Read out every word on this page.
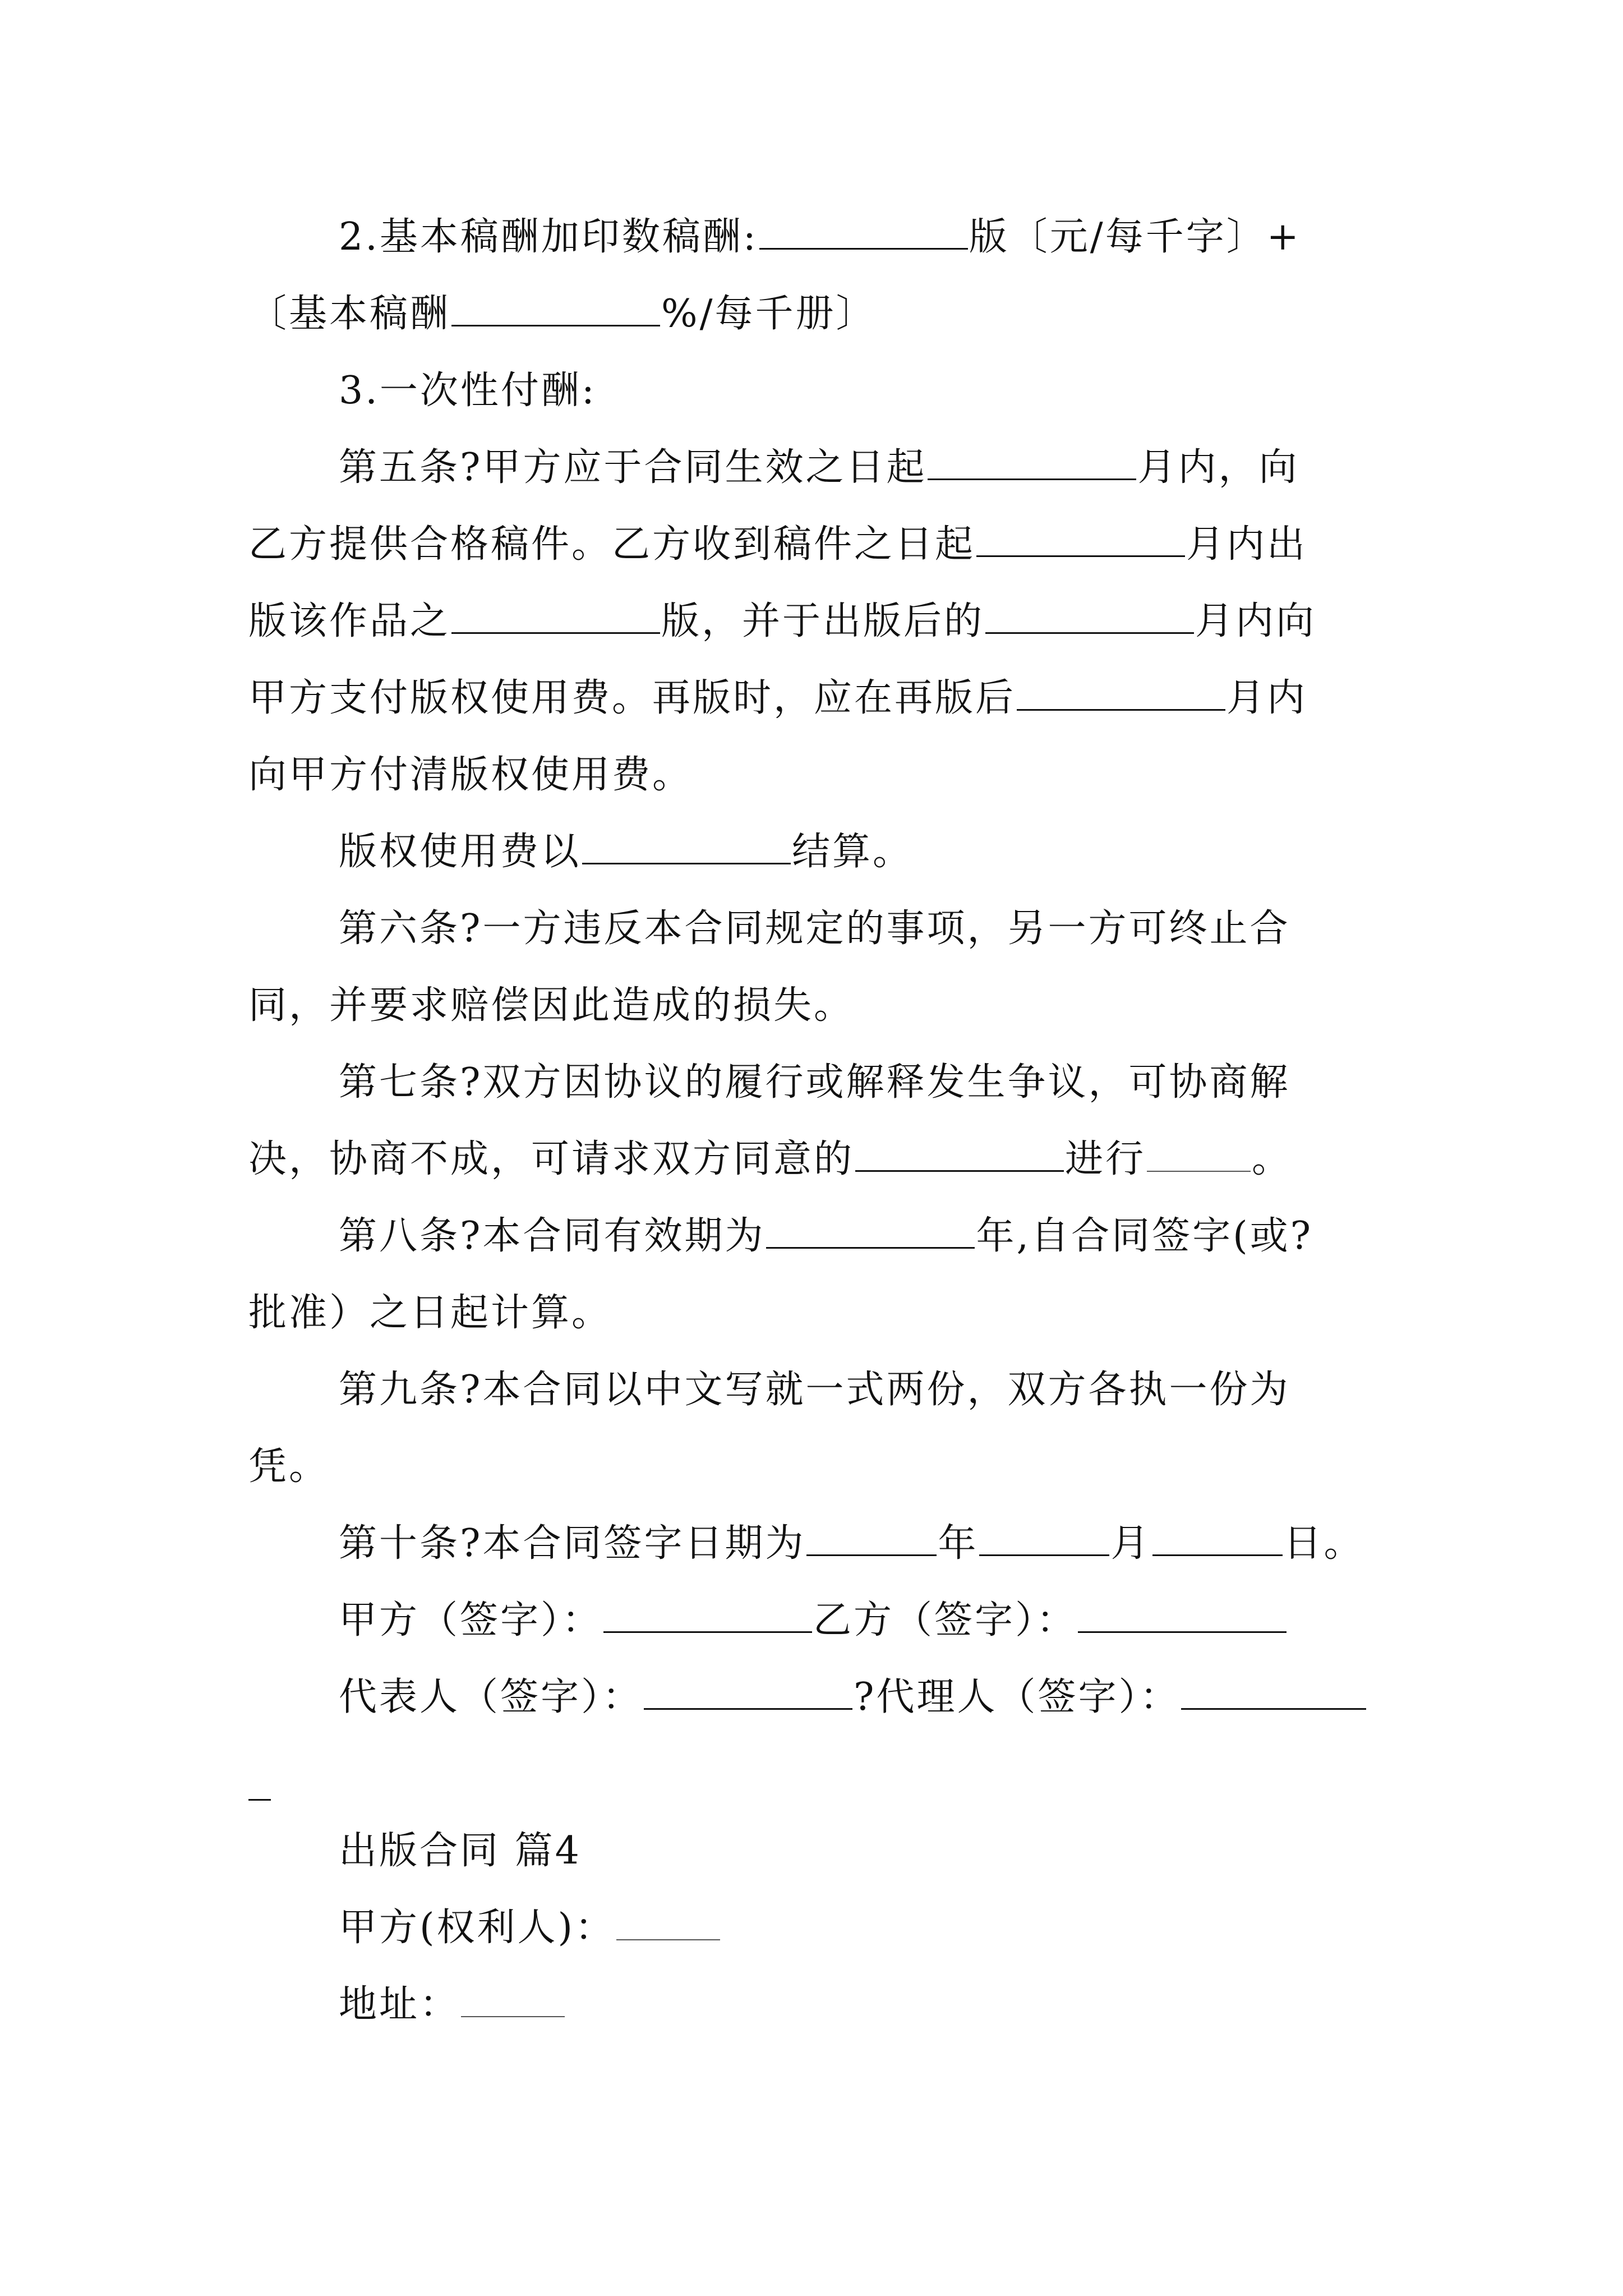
2.基本稿酬加印数稿酬:	版〔元/每千字〕+
〔基本稿酬	%/每千册〕
3.一次性付酬:
第五条?甲方应于合同生效之日起	月内，向
乙方提供合格稿件。乙方收到稿件之日起	月内出
版该作品之	版，并于出版后的	月内向
甲方支付版权使用费。再版时，应在再版后	月内
向甲方付清版权使用费。
版权使用费以	结算。
第六条?一方违反本合同规定的事项，另一方可终止合
同，并要求赔偿因此造成的损失。
第七条?双方因协议的履行或解释发生争议，可协商解
决，协商不成，可请求双方同意的	进行	。
第八条?本合同有效期为	年,自合同签字(或?
批准）之日起计算。
第九条?本合同以中文写就一式两份，双方各执一份为
凭。
第十条?本合同签字日期为	年	月	日。
甲方（签字）：	乙方（签字）：
代表人（签字）：	?代理人（签字）：
出版合同 篇4
甲方(权利人)：
地址：
